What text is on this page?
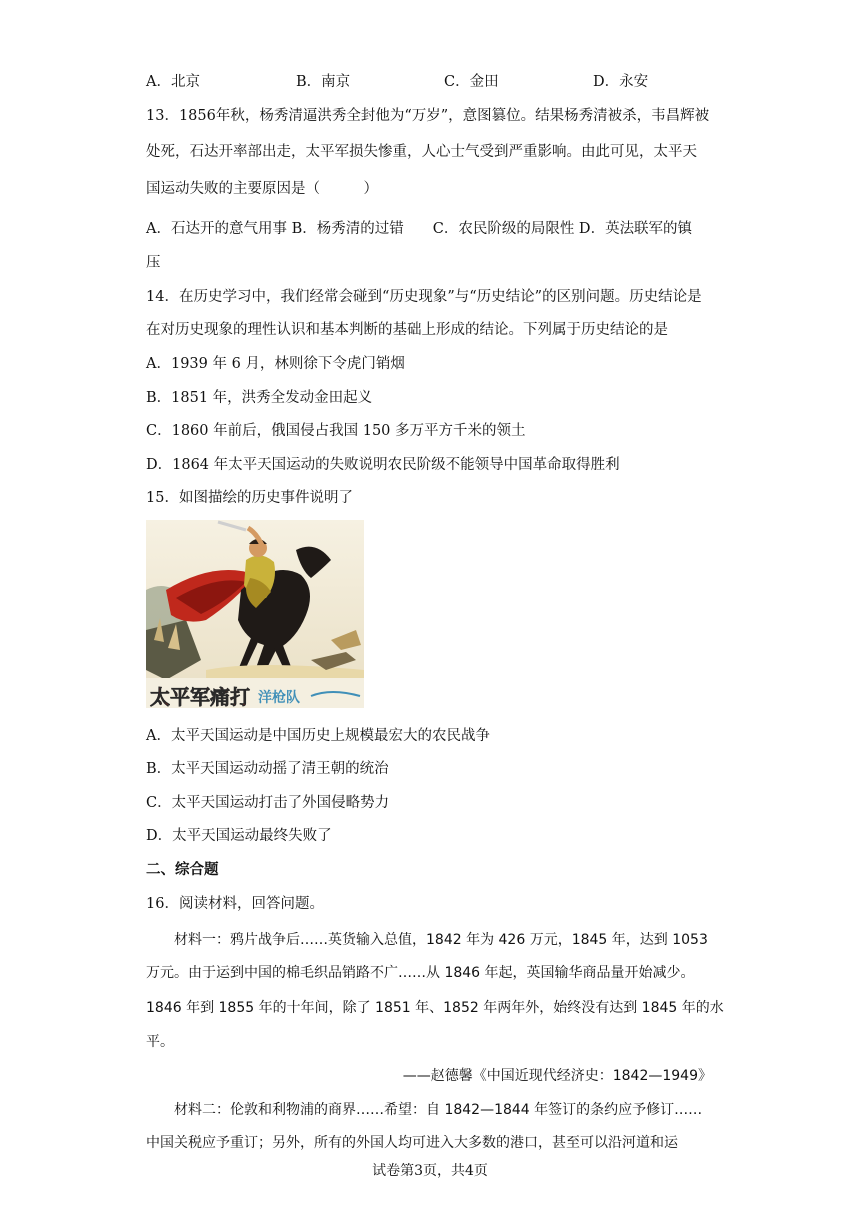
A．北京	B．南京	C．金田	D．永安
13．1856年秋，杨秀清逼洪秀全封他为“万岁”，意图篡位。结果杨秀清被杀，韦昌辉被
处死，石达开率部出走，太平军损失惨重，人心士气受到严重影响。由此可见，太平天
国运动失败的主要原因是（　　　）
A．石达开的意气用事 B．杨秀清的过错　　C．农民阶级的局限性 D．英法联军的镇
压
14．在历史学习中，我们经常会碰到“历史现象”与“历史结论”的区别问题。历史结论是
在对历史现象的理性认识和基本判断的基础上形成的结论。下列属于历史结论的是
A．1939 年 6 月，林则徐下令虎门销烟
B．1851 年，洪秀全发动金田起义
C．1860 年前后，俄国侵占我国 150 多万平方千米的领土
D．1864 年太平天国运动的失败说明农民阶级不能领导中国革命取得胜利
15．如图描绘的历史事件说明了
太平军痛打 洋枪队
A．太平天国运动是中国历史上规模最宏大的农民战争
B．太平天国运动动摇了清王朝的统治
C．太平天国运动打击了外国侵略势力
D．太平天国运动最终失败了
二、综合题
16．阅读材料，回答问题。
材料一：鸦片战争后……英货输入总值，1842 年为 426 万元，1845 年，达到 1053
万元。由于运到中国的棉毛织品销路不广……从 1846 年起，英国输华商品量开始减少。
1846 年到 1855 年的十年间，除了 1851 年、1852 年两年外，始终没有达到 1845 年的水
平。
——赵德馨《中国近现代经济史：1842—1949》
材料二：伦敦和利物浦的商界……希望：自 1842—1844 年签订的条约应予修订……
中国关税应予重订；另外，所有的外国人均可进入大多数的港口，甚至可以沿河道和运
试卷第3页，共4页
